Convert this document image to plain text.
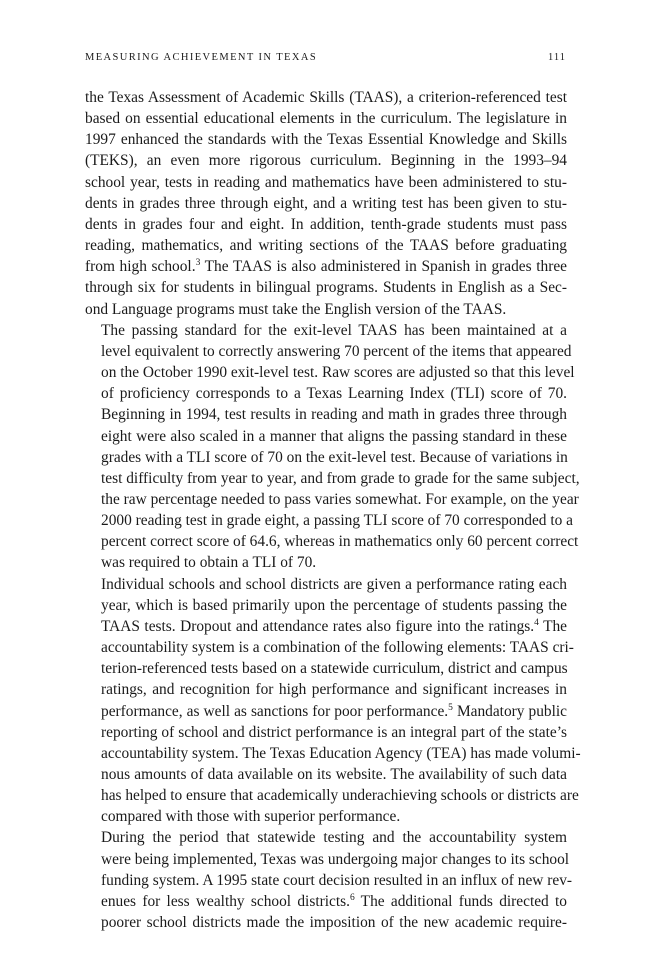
MEASURING ACHIEVEMENT IN TEXAS	111

the Texas Assessment of Academic Skills (TAAS), a criterion-referenced test
based on essential educational elements in the curriculum. The legislature in
1997 enhanced the standards with the Texas Essential Knowledge and Skills
(TEKS), an even more rigorous curriculum. Beginning in the 1993–94
school year, tests in reading and mathematics have been administered to stu-
dents in grades three through eight, and a writing test has been given to stu-
dents in grades four and eight. In addition, tenth-grade students must pass
reading, mathematics, and writing sections of the TAAS before graduating
from high school.$^3$ The TAAS is also administered in Spanish in grades three
through six for students in bilingual programs. Students in English as a Sec-
ond Language programs must take the English version of the TAAS.

The passing standard for the exit-level TAAS has been maintained at a
level equivalent to correctly answering 70 percent of the items that appeared
on the October 1990 exit-level test. Raw scores are adjusted so that this level
of proficiency corresponds to a Texas Learning Index (TLI) score of 70.
Beginning in 1994, test results in reading and math in grades three through
eight were also scaled in a manner that aligns the passing standard in these
grades with a TLI score of 70 on the exit-level test. Because of variations in
test difficulty from year to year, and from grade to grade for the same subject,
the raw percentage needed to pass varies somewhat. For example, on the year
2000 reading test in grade eight, a passing TLI score of 70 corresponded to a
percent correct score of 64.6, whereas in mathematics only 60 percent correct
was required to obtain a TLI of 70.

Individual schools and school districts are given a performance rating each
year, which is based primarily upon the percentage of students passing the
TAAS tests. Dropout and attendance rates also figure into the ratings.$^4$ The
accountability system is a combination of the following elements: TAAS cri-
terion-referenced tests based on a statewide curriculum, district and campus
ratings, and recognition for high performance and significant increases in
performance, as well as sanctions for poor performance.$^5$ Mandatory public
reporting of school and district performance is an integral part of the state’s
accountability system. The Texas Education Agency (TEA) has made volumi-
nous amounts of data available on its website. The availability of such data
has helped to ensure that academically underachieving schools or districts are
compared with those with superior performance.

During the period that statewide testing and the accountability system
were being implemented, Texas was undergoing major changes to its school
funding system. A 1995 state court decision resulted in an influx of new rev-
enues for less wealthy school districts.$^6$ The additional funds directed to
poorer school districts made the imposition of the new academic require-
